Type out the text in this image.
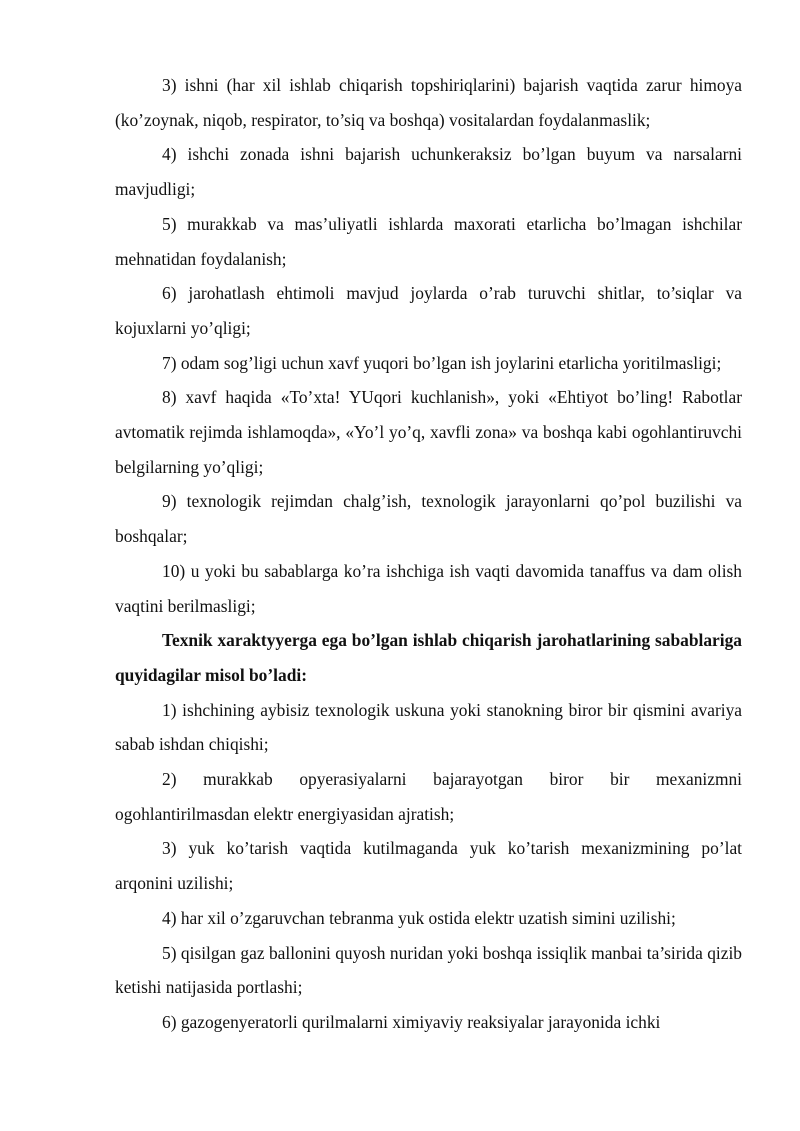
3) ishni (har xil ishlab chiqarish topshiriqlarini) bajarish vaqtida zarur himoya (ko’zoynak, niqob, respirator, to’siq va boshqa) vositalardan foydalanmaslik;

4) ishchi zonada ishni bajarish uchunkeraksiz bo’lgan buyum va narsalarni mavjudligi;

5) murakkab va mas’uliyatli ishlarda maxorati etarlicha bo’lmagan ishchilar mehnatidan foydalanish;

6) jarohatlash ehtimoli mavjud joylarda o’rab turuvchi shitlar, to’siqlar va kojuxlarni yo’qligi;

7) odam sog’ligi uchun xavf yuqori bo’lgan ish joylarini etarlicha yoritilmasligi;

8) xavf haqida «To’xta! YUqori kuchlanish», yoki «Ehtiyot bo’ling! Rabotlar avtomatik rejimda ishlamoqda», «Yo’l yo’q, xavfli zona» va boshqa kabi ogohlantiruvchi belgilarning yo’qligi;

9) texnologik rejimdan chalg’ish, texnologik jarayonlarni qo’pol buzilishi va boshqalar;

10) u yoki bu sabablarga ko’ra ishchiga ish vaqti davomida tanaffus va dam olish vaqtini berilmasligi;

Texnik xaraktyyerga ega bo’lgan ishlab chiqarish jarohatlarining sabablariga quyidagilar misol bo’ladi:

1) ishchining aybisiz texnologik uskuna yoki stanokning biror bir qismini avariya sabab ishdan chiqishi;

2) murakkab opyerasiyalarni bajarayotgan biror bir mexanizmni ogohlantirilmasdan elektr energiyasidan ajratish;

3) yuk ko’tarish vaqtida kutilmaganda yuk ko’tarish mexanizmining po’lat arqonini uzilishi;

4) har xil o’zgaruvchan tebranma yuk ostida elektr uzatish simini uzilishi;

5) qisilgan gaz ballonini quyosh nuridan yoki boshqa issiqlik manbai ta’sirida qizib ketishi natijasida portlashi;

6) gazogenyeratorli qurilmalarni ximiyaviy reaksiyalar jarayonida ichki
